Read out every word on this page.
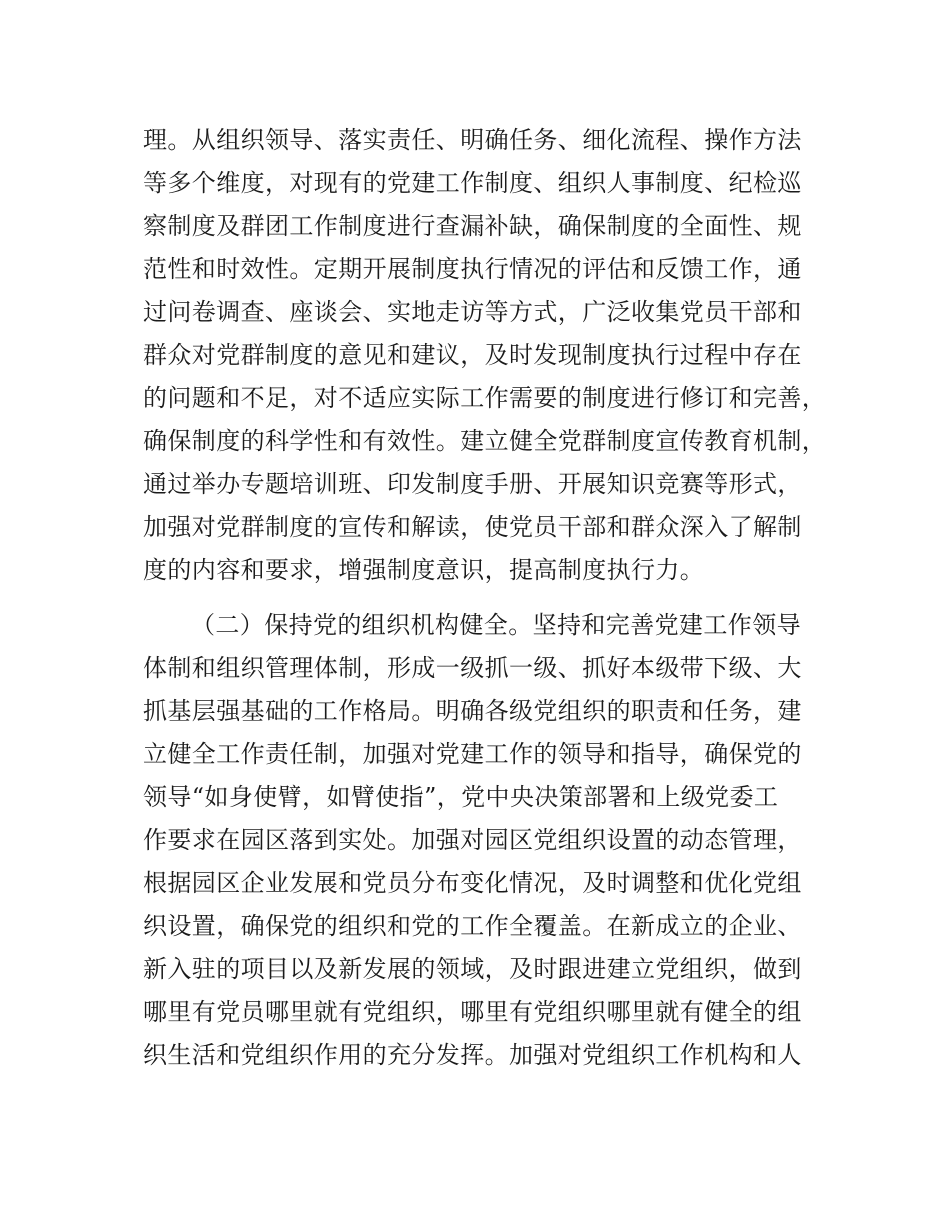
理。从组织领导、落实责任、明确任务、细化流程、操作方法
等多个维度，对现有的党建工作制度、组织人事制度、纪检巡
察制度及群团工作制度进行查漏补缺，确保制度的全面性、规
范性和时效性。定期开展制度执行情况的评估和反馈工作，通
过问卷调查、座谈会、实地走访等方式，广泛收集党员干部和
群众对党群制度的意见和建议，及时发现制度执行过程中存在
的问题和不足，对不适应实际工作需要的制度进行修订和完善，
确保制度的科学性和有效性。建立健全党群制度宣传教育机制，
通过举办专题培训班、印发制度手册、开展知识竞赛等形式，
加强对党群制度的宣传和解读，使党员干部和群众深入了解制
度的内容和要求，增强制度意识，提高制度执行力。
（二）保持党的组织机构健全。坚持和完善党建工作领导
体制和组织管理体制，形成一级抓一级、抓好本级带下级、大
抓基层强基础的工作格局。明确各级党组织的职责和任务，建
立健全工作责任制，加强对党建工作的领导和指导，确保党的
领导“如身使臂，如臂使指”，党中央决策部署和上级党委工
作要求在园区落到实处。加强对园区党组织设置的动态管理，
根据园区企业发展和党员分布变化情况，及时调整和优化党组
织设置，确保党的组织和党的工作全覆盖。在新成立的企业、
新入驻的项目以及新发展的领域，及时跟进建立党组织，做到
哪里有党员哪里就有党组织，哪里有党组织哪里就有健全的组
织生活和党组织作用的充分发挥。加强对党组织工作机构和人
